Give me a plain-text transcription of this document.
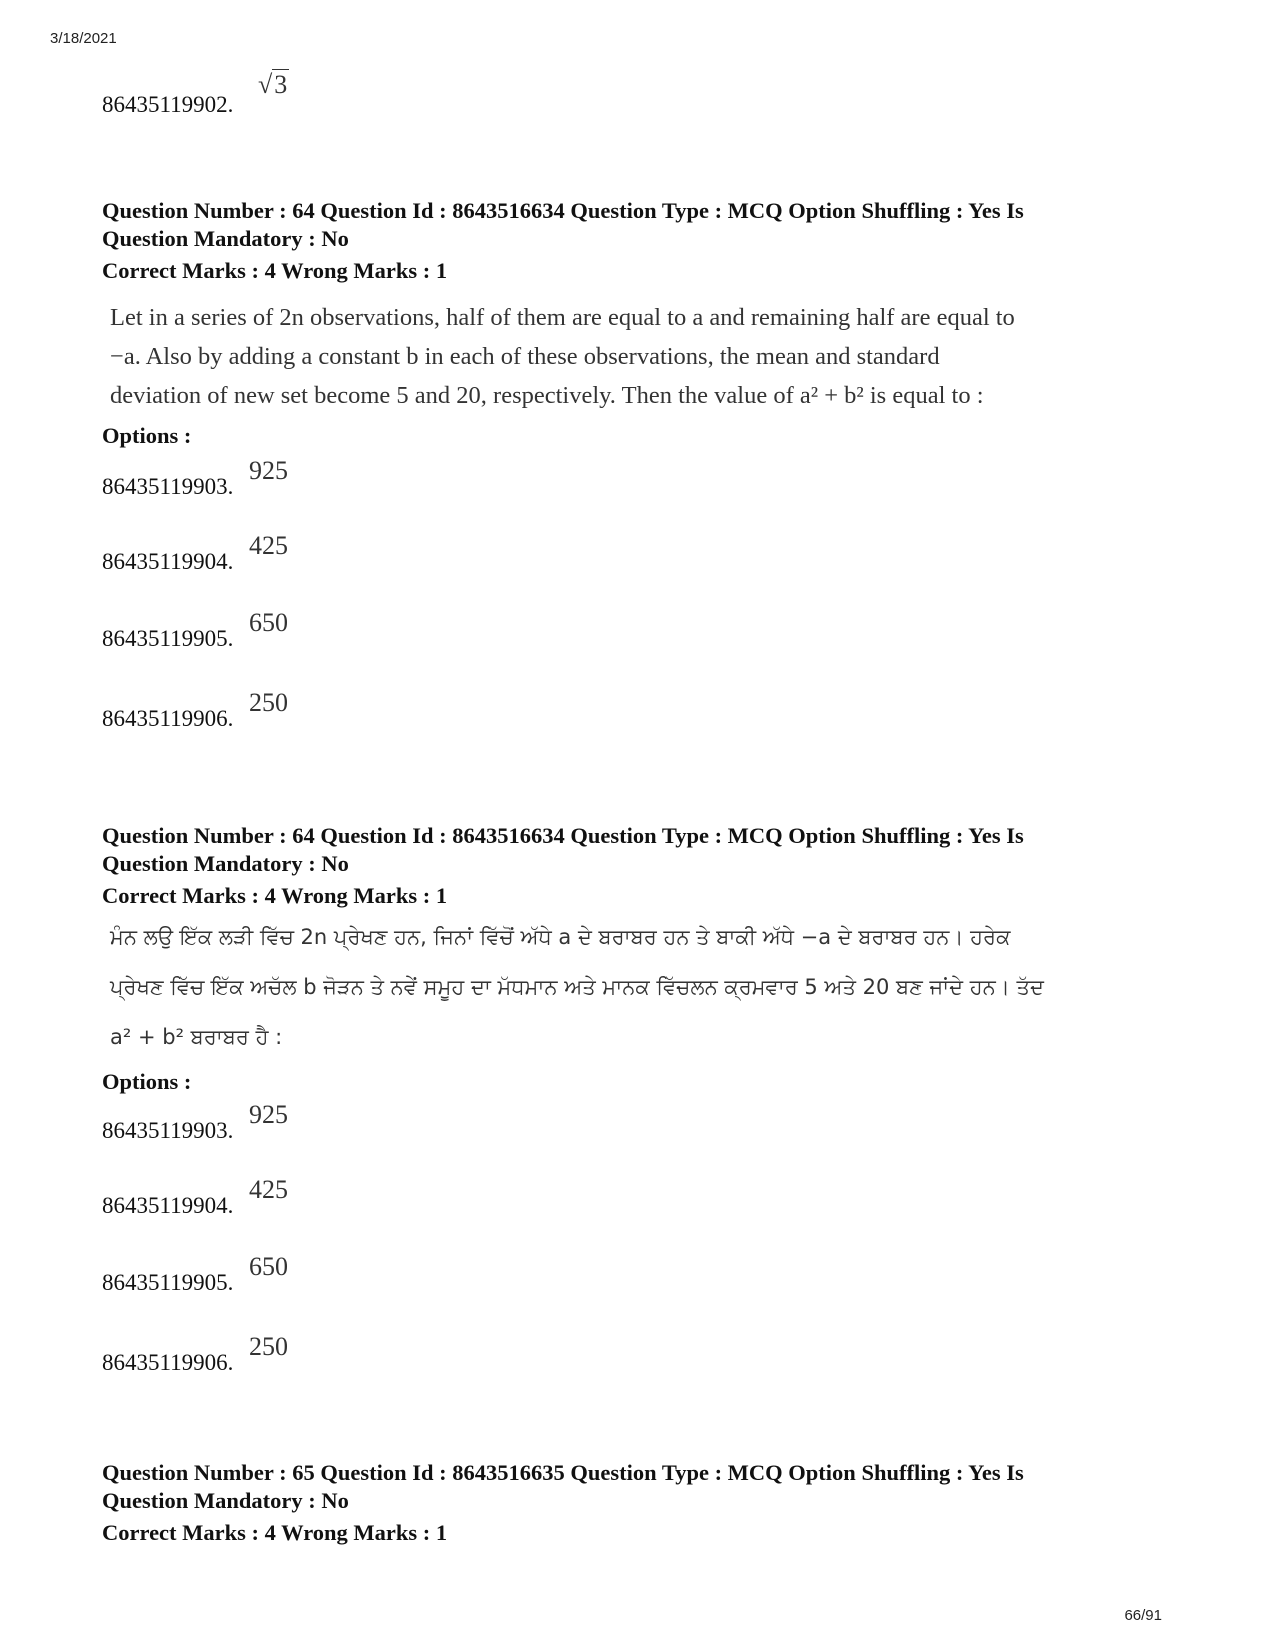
3/18/2021
86435119902.
√3
Question Number : 64 Question Id : 8643516634 Question Type : MCQ Option Shuffling : Yes Is
Question Mandatory : No
Correct Marks : 4 Wrong Marks : 1
Let in a series of 2n observations, half of them are equal to a and remaining half are equal to
−a. Also by adding a constant b in each of these observations, the mean and standard
deviation of new set become 5 and 20, respectively. Then the value of a² + b² is equal to :
Options :
86435119903.
925
86435119904.
425
86435119905.
650
86435119906.
250
Question Number : 64 Question Id : 8643516634 Question Type : MCQ Option Shuffling : Yes Is
Question Mandatory : No
Correct Marks : 4 Wrong Marks : 1
ਮੰਨ ਲਉ ਇੱਕ ਲੜੀ ਵਿੱਚ 2n ਪ੍ਰੇਖਣ ਹਨ, ਜਿਨਾਂ ਵਿੱਚੋਂ ਅੱਧੇ a ਦੇ ਬਰਾਬਰ ਹਨ ਤੇ ਬਾਕੀ ਅੱਧੇ −a ਦੇ ਬਰਾਬਰ ਹਨ। ਹਰੇਕ
ਪ੍ਰੇਖਣ ਵਿੱਚ ਇੱਕ ਅਚੱਲ b ਜੋੜਨ ਤੇ ਨਵੇਂ ਸਮੂਹ ਦਾ ਮੱਧਮਾਨ ਅਤੇ ਮਾਨਕ ਵਿੱਚਲਨ ਕ੍ਰਮਵਾਰ 5 ਅਤੇ 20 ਬਣ ਜਾਂਦੇ ਹਨ। ਤੱਦ
a² + b² ਬਰਾਬਰ ਹੈ :
Options :
86435119903.
925
86435119904.
425
86435119905.
650
86435119906.
250
Question Number : 65 Question Id : 8643516635 Question Type : MCQ Option Shuffling : Yes Is
Question Mandatory : No
Correct Marks : 4 Wrong Marks : 1
66/91
